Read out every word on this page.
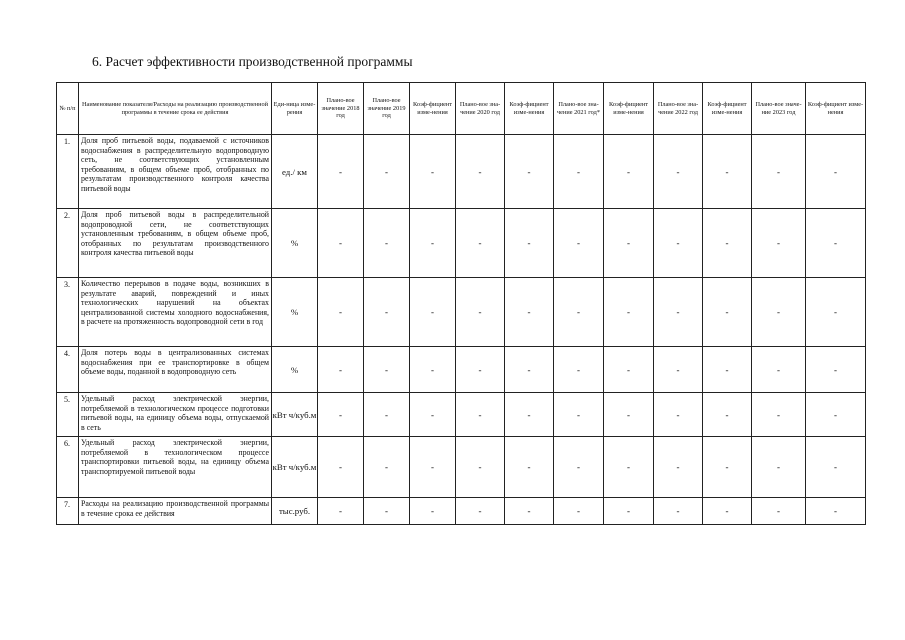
6. Расчет эффективности производственной программы
№ п/п	Наименование показателя/Расходы на реализацию производственной программы в течение срока ее действия	Еди-ница изме-рения	Плано-вое значение 2018 год	Плано-вое значение 2019 год	Коэф-фициент изме-нения	Плано-вое зна-чение 2020 год	Коэф-фициент изме-нения	Плано-вое зна-чение 2021 год*	Коэф-фициент изме-нения	Плано-вое зна-чение 2022 год	Коэф-фициент изме-нения	Плано-вое значе-ние 2023 год	Коэф-фициент изме-нения
1.	Доля проб питьевой воды, подаваемой с источников водоснабжения в распределительную водопроводную сеть, не соответствующих установленным требованиям, в общем объеме проб, отобранных по результатам производственного контроля качества питьевой воды	ед./ км	-	-	-	-	-	-	-	-	-	-	-
2.	Доля проб питьевой воды в распределительной водопроводной сети, не соответствующих установленным требованиям, в общем объеме проб, отобранных по результатам производственного контроля качества питьевой воды	%	-	-	-	-	-	-	-	-	-	-	-
3.	Количество перерывов в подаче воды, возникших в результате аварий, повреждений и иных технологических нарушений на объектах централизованной системы холодного водоснабжения, в расчете на протяженность водопроводной сети в год	%	-	-	-	-	-	-	-	-	-	-	-
4.	Доля потерь воды в централизованных системах водоснабжения при ее транспортировке в общем объеме воды, поданной в водопроводную сеть	%	-	-	-	-	-	-	-	-	-	-	-
5.	Удельный расход электрической энергии, потребляемой в технологическом процессе подготовки питьевой воды, на единицу объема воды, отпускаемой в сеть	кВт ч/куб.м	-	-	-	-	-	-	-	-	-	-	-
6.	Удельный расход электрической энергии, потребляемой в технологическом процессе транспортировки питьевой воды, на единицу объема транспортируемой питьевой воды	кВт ч/куб.м	-	-	-	-	-	-	-	-	-	-	-
7.	Расходы на реализацию производственной программы в течение срока ее действия	тыс.руб.	-	-	-	-	-	-	-	-	-	-	-
